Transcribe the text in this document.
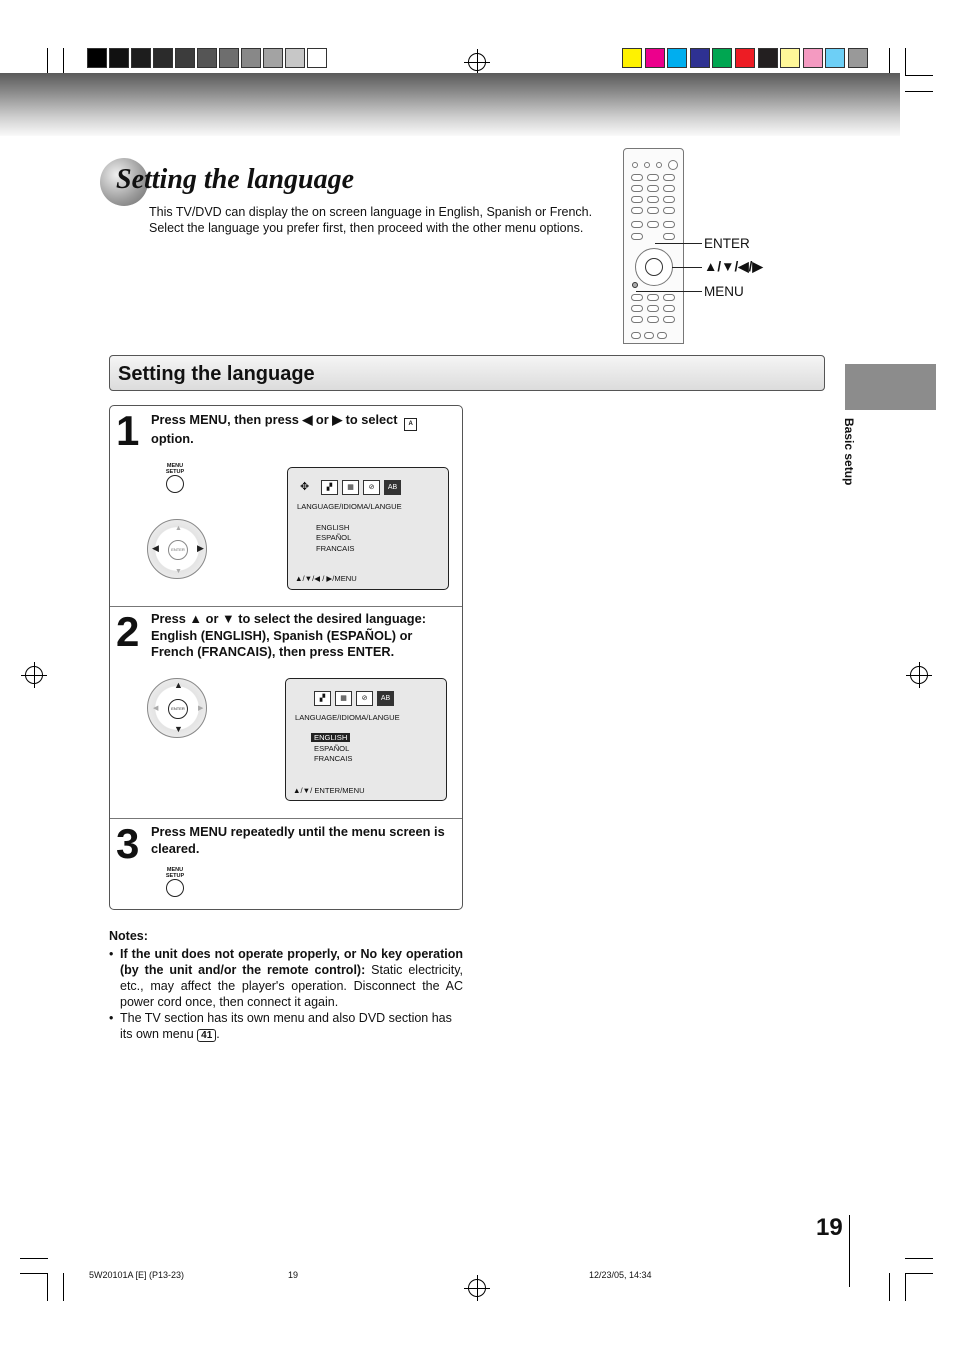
Setting the language
This TV/DVD can display the on screen language in English, Spanish or French. Select the language you prefer first, then proceed with the other menu options.
ENTER
▲/▼/◀/▶
MENU
Setting the language
Basic setup
1 Press MENU, then press ◀ or ▶ to select A
option.
MENU
SETUP
▲
▼
◀	▶
ENTER
✥	▞	▦	⊘	AB
LANGUAGE/IDIOMA/LANGUE
ENGLISH
ESPAÑOL
FRANCAIS
▲/▼/◀ / ▶/MENU
2 Press ▲ or ▼ to select the desired language: English (ENGLISH), Spanish (ESPAÑOL) or French (FRANCAIS), then press ENTER.
▲
▼
◀	▶
ENTER
▞	▦	⊘	AB
LANGUAGE/IDIOMA/LANGUE
ENGLISH
ESPAÑOL
FRANCAIS
▲/▼/ ENTER/MENU
3 Press MENU repeatedly until the menu screen is cleared.
MENU
SETUP
Notes:
• If the unit does not operate properly, or No key operation (by the unit and/or the remote control): Static electricity, etc., may affect the player's operation. Disconnect the AC power cord once, then connect it again.
• The TV section has its own menu and also DVD section has its own menu 41 .
19
5W20101A [E] (P13-23)	19	12/23/05, 14:34
